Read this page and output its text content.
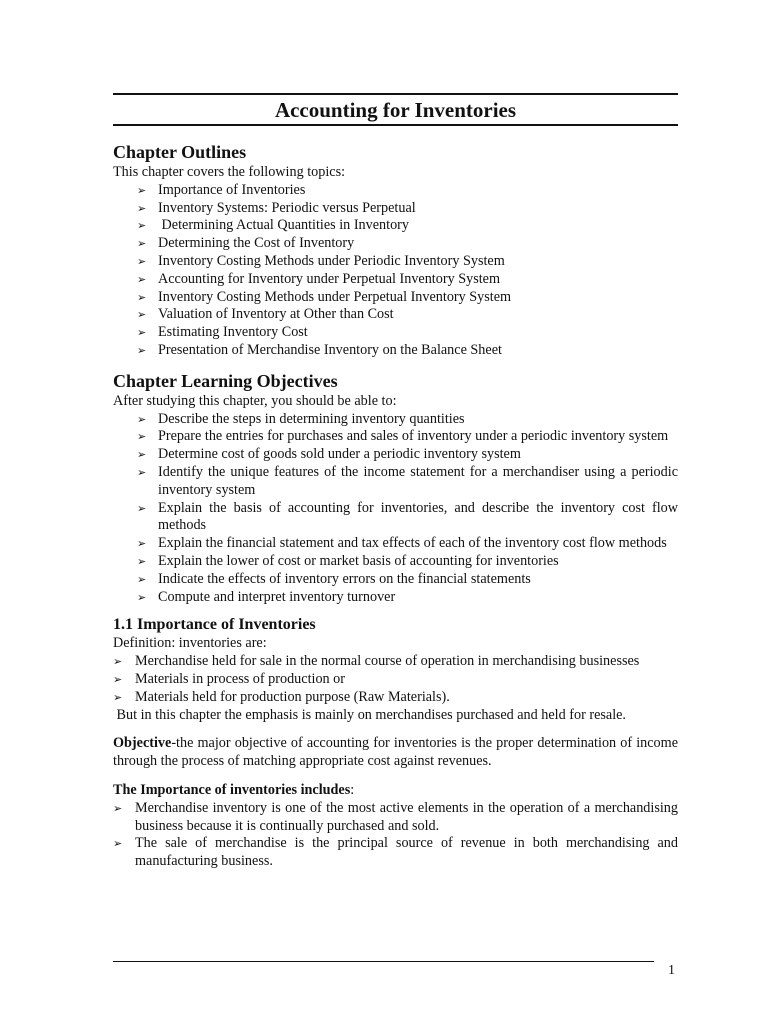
Accounting for Inventories
Chapter Outlines

This chapter covers the following topics:

➢ Importance of Inventories
➢ Inventory Systems: Periodic versus Perpetual
➢ Determining Actual Quantities in Inventory
➢ Determining the Cost of Inventory
➢ Inventory Costing Methods under Periodic Inventory System
➢ Accounting for Inventory under Perpetual Inventory System
➢ Inventory Costing Methods under Perpetual Inventory System
➢ Valuation of Inventory at Other than Cost
➢ Estimating Inventory Cost
➢ Presentation of Merchandise Inventory on the Balance Sheet
Chapter Learning Objectives

After studying this chapter, you should be able to:

➢ Describe the steps in determining inventory quantities
➢ Prepare the entries for purchases and sales of inventory under a periodic inventory system
➢ Determine cost of goods sold under a periodic inventory system
➢ Identify the unique features of the income statement for a merchandiser using a periodic inventory system
➢ Explain the basis of accounting for inventories, and describe the inventory cost flow methods
➢ Explain the financial statement and tax effects of each of the inventory cost flow methods
➢ Explain the lower of cost or market basis of accounting for inventories
➢ Indicate the effects of inventory errors on the financial statements
➢ Compute and interpret inventory turnover
1.1 Importance of Inventories

Definition: inventories are:

➢ Merchandise held for sale in the normal course of operation in merchandising businesses
➢ Materials in process of production or
➢ Materials held for production purpose (Raw Materials).

But in this chapter the emphasis is mainly on merchandises purchased and held for resale.

Objective-the major objective of accounting for inventories is the proper determination of income through the process of matching appropriate cost against revenues.

The Importance of inventories includes:

➢ Merchandise inventory is one of the most active elements in the operation of a merchandising business because it is continually purchased and sold.
➢ The sale of merchandise is the principal source of revenue in both merchandising and manufacturing business.
1
